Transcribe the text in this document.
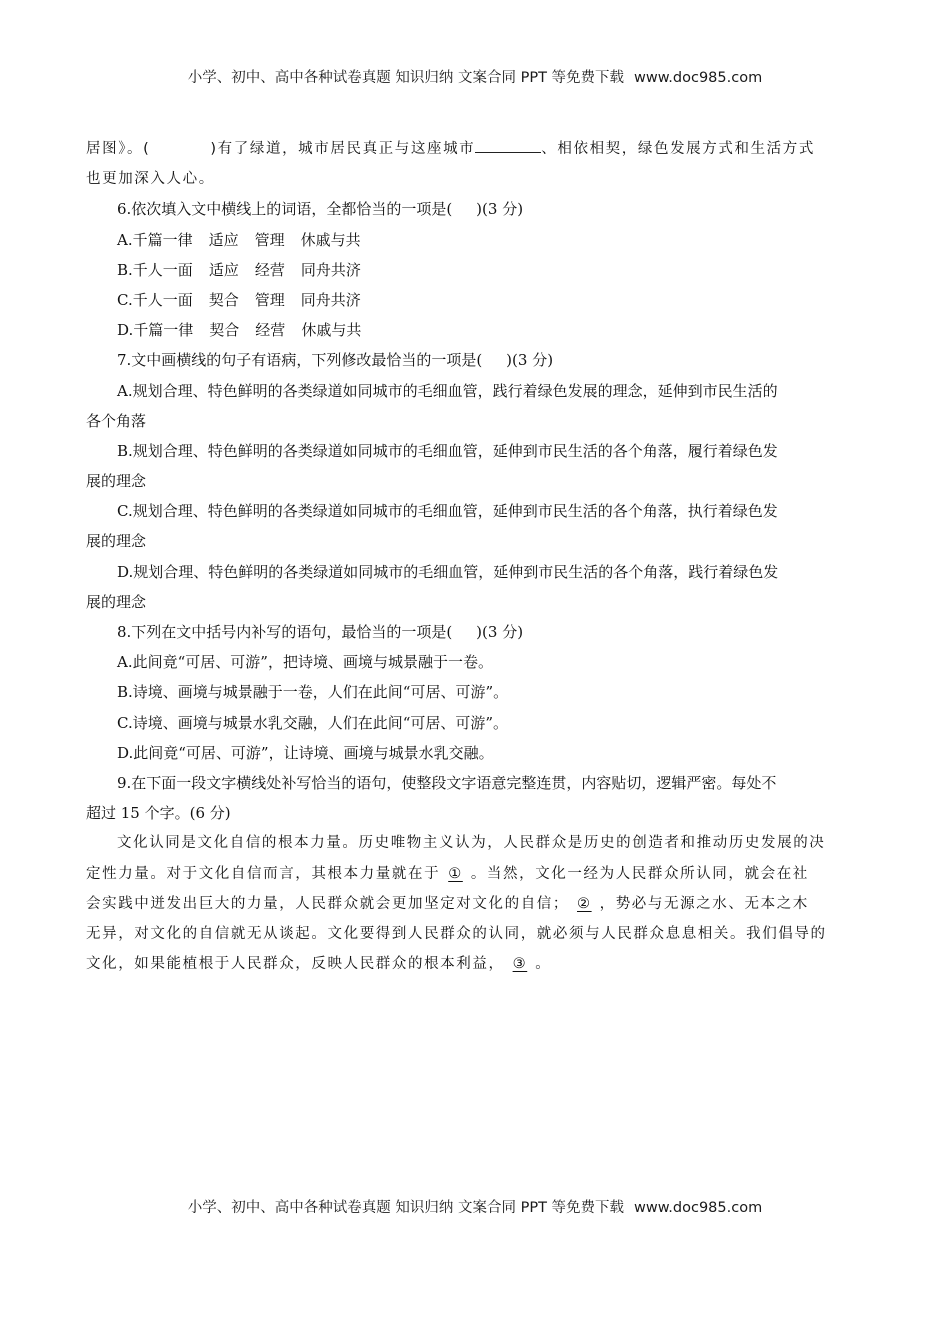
小学、初中、高中各种试卷真题 知识归纳 文案合同 PPT 等免费下载 www.doc985.com
居图》。(	)有了绿道，城市居民真正与这座城市	、相依相契，绿色发展方式和生活方式
也更加深入人心。
6.依次填入文中横线上的词语，全都恰当的一项是( )(3 分)
A.千篇一律 适应 管理 休戚与共
B.千人一面 适应 经营 同舟共济
C.千人一面 契合 管理 同舟共济
D.千篇一律 契合 经营 休戚与共
7.文中画横线的句子有语病，下列修改最恰当的一项是( )(3 分)
A.规划合理、特色鲜明的各类绿道如同城市的毛细血管，践行着绿色发展的理念，延伸到市民生活的
各个角落
B.规划合理、特色鲜明的各类绿道如同城市的毛细血管，延伸到市民生活的各个角落，履行着绿色发
展的理念
C.规划合理、特色鲜明的各类绿道如同城市的毛细血管，延伸到市民生活的各个角落，执行着绿色发
展的理念
D.规划合理、特色鲜明的各类绿道如同城市的毛细血管，延伸到市民生活的各个角落，践行着绿色发
展的理念
8.下列在文中括号内补写的语句，最恰当的一项是( )(3 分)
A.此间竟“可居、可游”，把诗境、画境与城景融于一卷。
B.诗境、画境与城景融于一卷，人们在此间“可居、可游”。
C.诗境、画境与城景水乳交融，人们在此间“可居、可游”。
D.此间竟“可居、可游”，让诗境、画境与城景水乳交融。
9.在下面一段文字横线处补写恰当的语句，使整段文字语意完整连贯，内容贴切，逻辑严密。每处不
超过 15 个字。(6 分)
文化认同是文化自信的根本力量。历史唯物主义认为，人民群众是历史的创造者和推动历史发展的决
定性力量。对于文化自信而言，其根本力量就在于 ① 。当然，文化一经为人民群众所认同，就会在社
会实践中迸发出巨大的力量，人民群众就会更加坚定对文化的自信； ② ，势必与无源之水、无本之木
无异，对文化的自信就无从谈起。文化要得到人民群众的认同，就必须与人民群众息息相关。我们倡导的
文化，如果能植根于人民群众，反映人民群众的根本利益， ③ 。
小学、初中、高中各种试卷真题 知识归纳 文案合同 PPT 等免费下载 www.doc985.com
